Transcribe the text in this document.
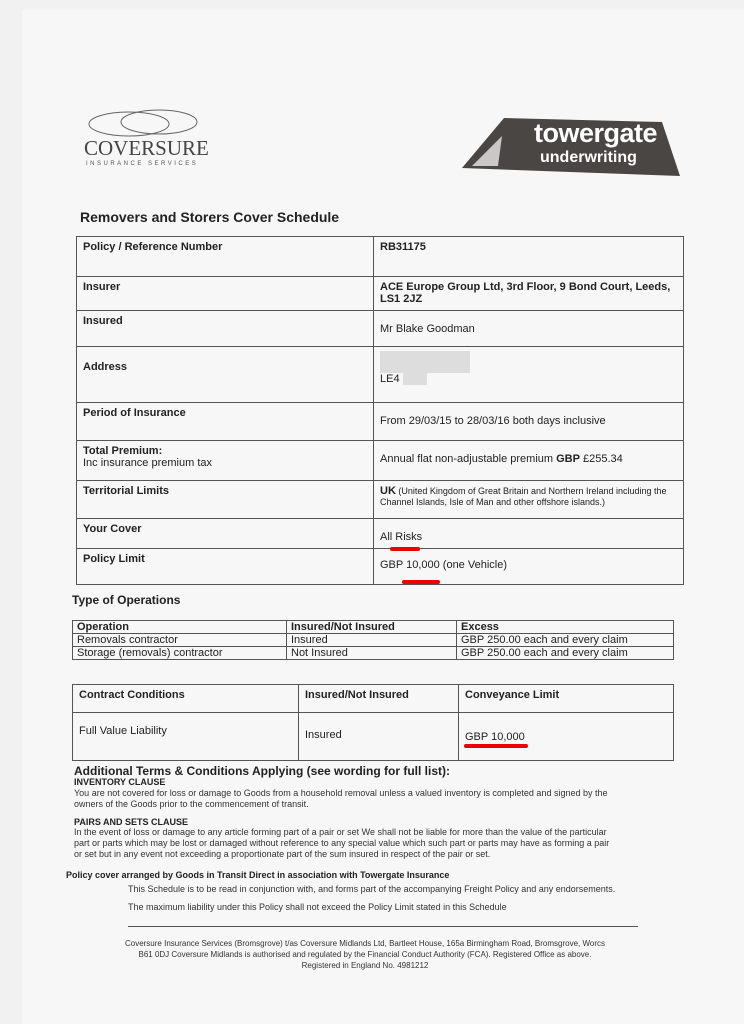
COVERSURE
INSURANCE SERVICES
towergate
underwriting
Removers and Storers Cover Schedule
Policy / Reference Number	RB31175
Insurer	ACE Europe Group Ltd, 3rd Floor, 9 Bond Court, Leeds, LS1 2JZ
Insured	Mr Blake Goodman
Address	LE4
Period of Insurance	From 29/03/15 to 28/03/16 both days inclusive

Total Premium:
Inc insurance premium tax	Annual flat non-adjustable premium GBP £255.34
Territorial Limits	UK (United Kingdom of Great Britain and Northern Ireland including the Channel Islands, Isle of Man and other offshore islands.)
Your Cover	All Risks
Policy Limit	GBP 10,000 (one Vehicle)
Type of Operations
Operation	Insured/Not Insured	Excess
Removals contractor	Insured	GBP 250.00 each and every claim
Storage (removals) contractor	Not Insured	GBP 250.00 each and every claim
Contract Conditions	Insured/Not Insured	Conveyance Limit
Full Value Liability	Insured	GBP 10,000
Additional Terms & Conditions Applying (see wording for full list):
INVENTORY CLAUSE
You are not covered for loss or damage to Goods from a household removal unless a valued inventory is completed and signed by the owners of the Goods prior to the commencement of transit.
PAIRS AND SETS CLAUSE
In the event of loss or damage to any article forming part of a pair or set We shall not be liable for more than the value of the particular part or parts which may be lost or damaged without reference to any special value which such part or parts may have as forming a pair or set but in any event not exceeding a proportionate part of the sum insured in respect of the pair or set.
Policy cover arranged by Goods in Transit Direct in association with Towergate Insurance
This Schedule is to be read in conjunction with, and forms part of the accompanying Freight Policy and any endorsements.
The maximum liability under this Policy shall not exceed the Policy Limit stated in this Schedule
Coversure Insurance Services (Bromsgrove) t/as Coversure Midlands Ltd, Bartleet House, 165a Birmingham Road, Bromsgrove, Worcs
B61 0DJ Coversure Midlands is authorised and regulated by the Financial Conduct Authority (FCA). Registered Office as above.
Registered in England No. 4981212
